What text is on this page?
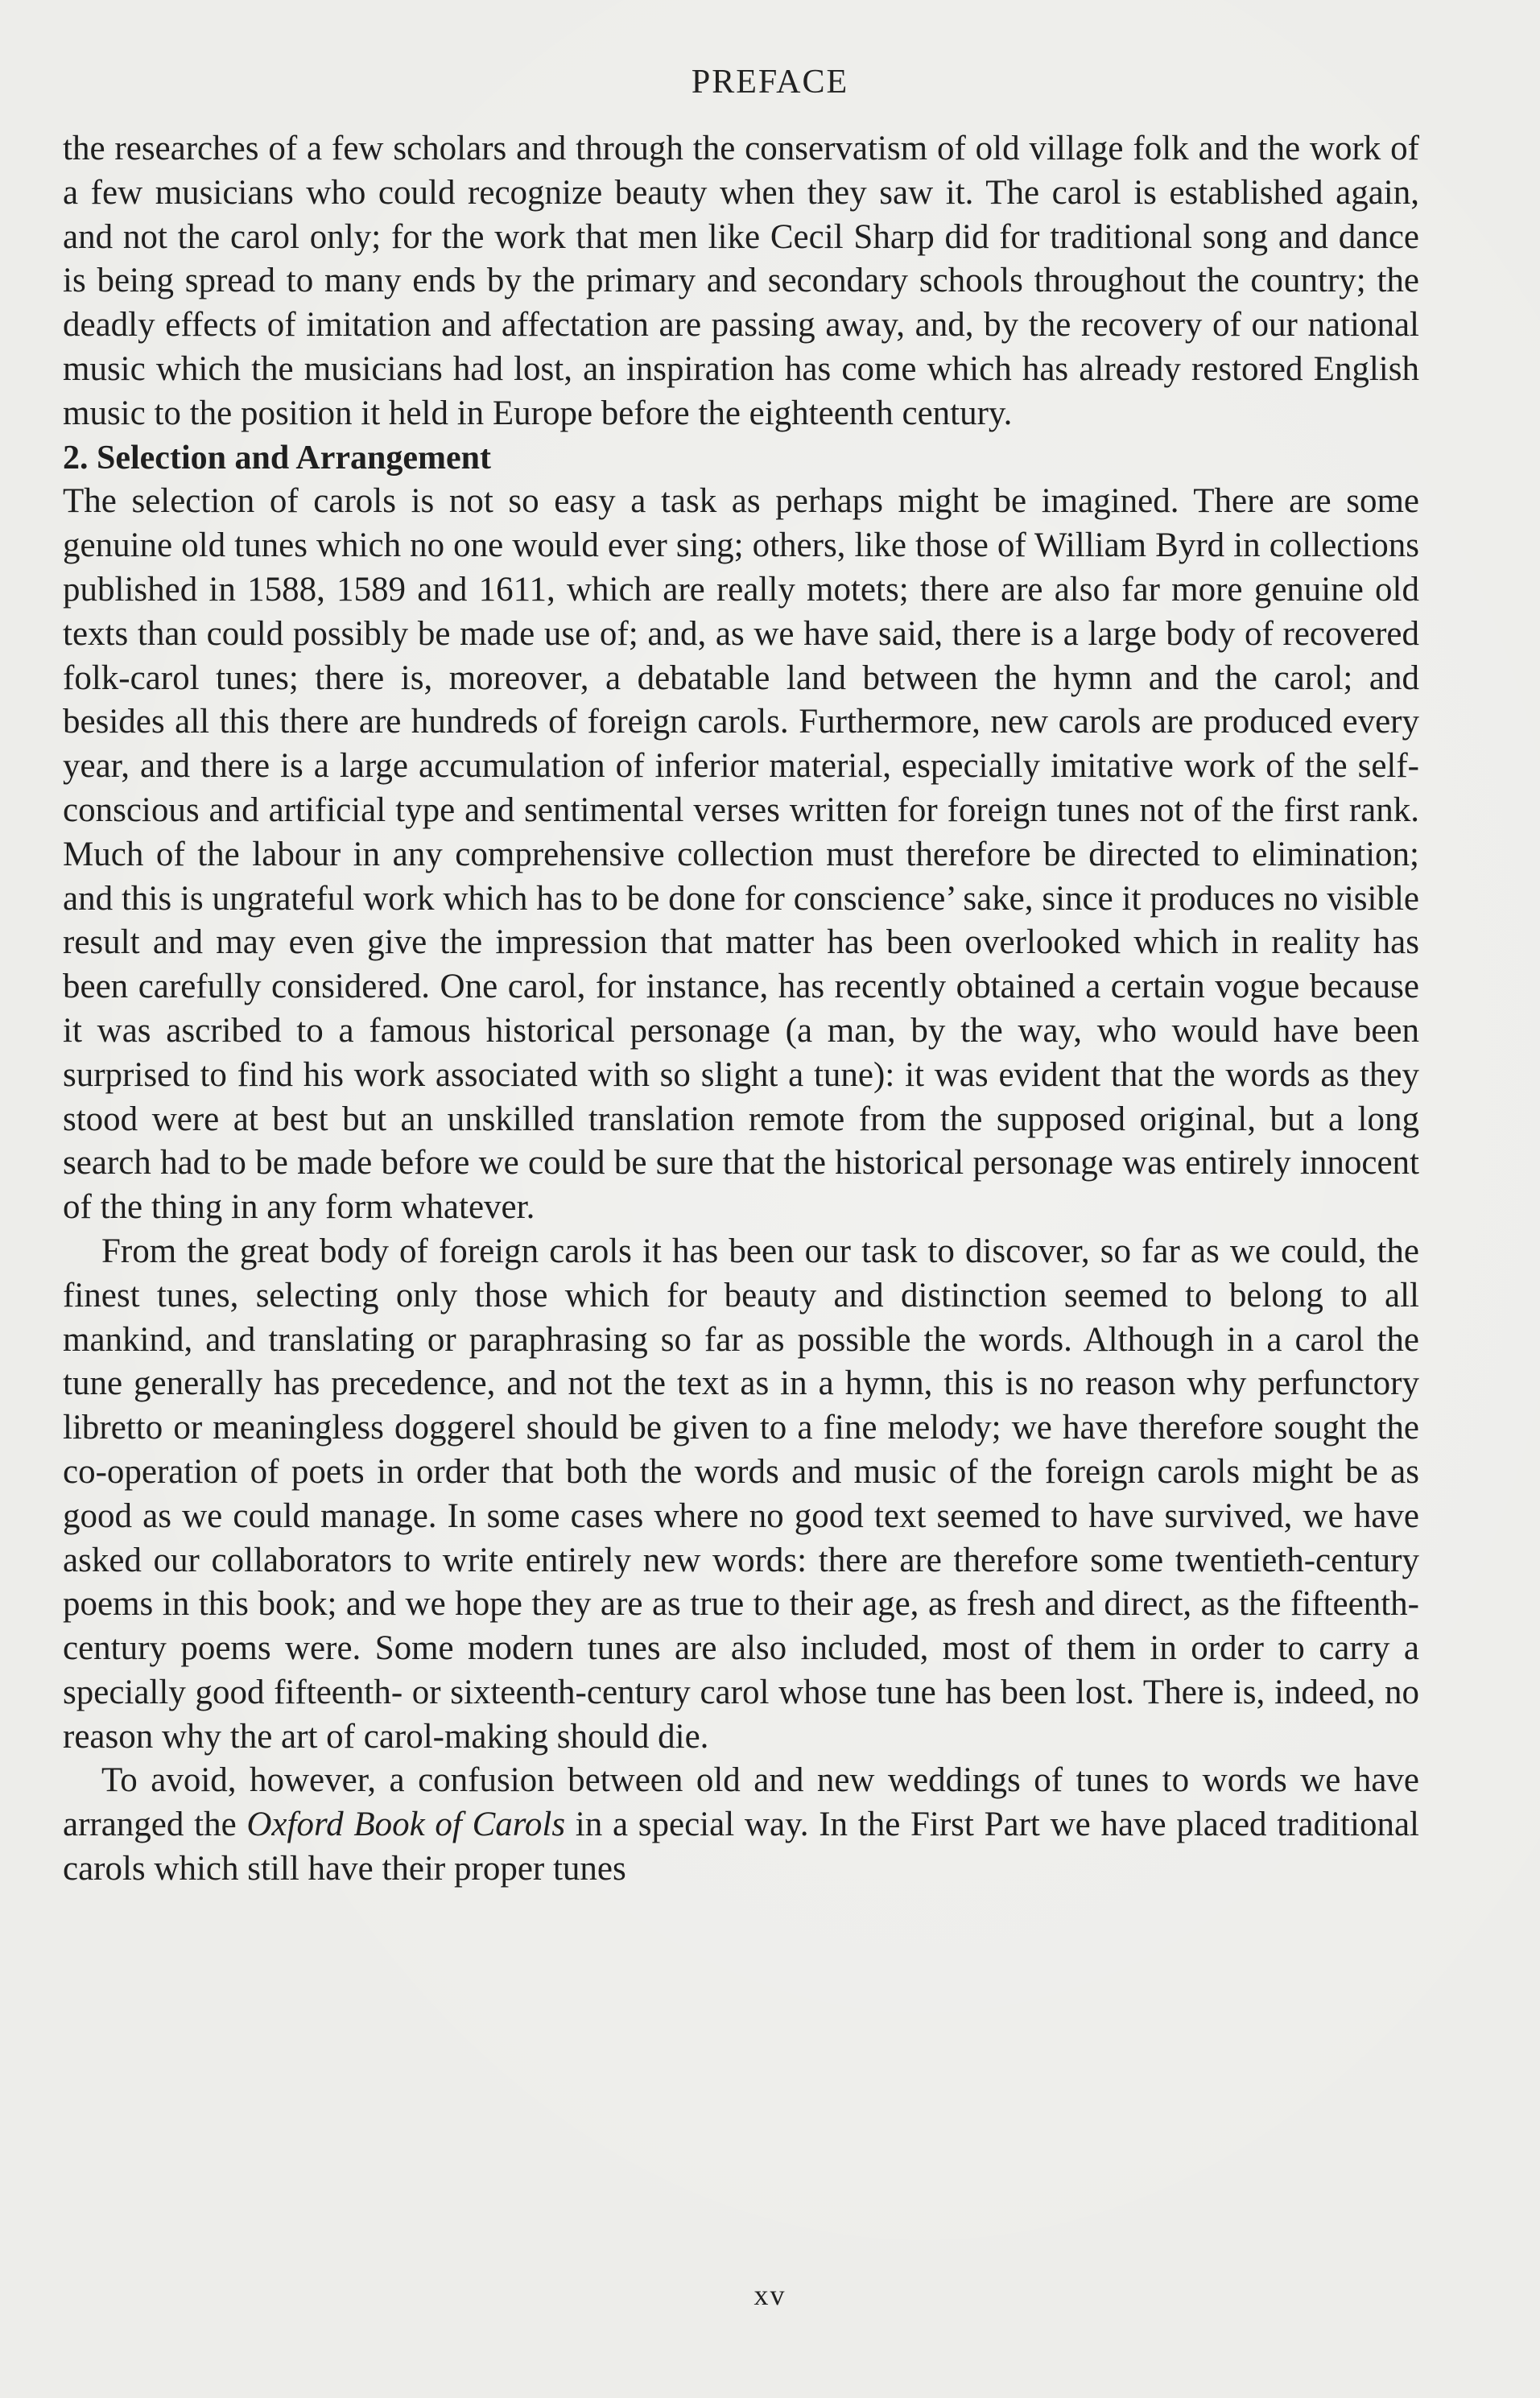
PREFACE

the researches of a few scholars and through the conservatism of old village folk and the work of a few musicians who could recognize beauty when they saw it. The carol is established again, and not the carol only; for the work that men like Cecil Sharp did for traditional song and dance is being spread to many ends by the primary and secondary schools throughout the country; the deadly effects of imitation and affectation are passing away, and, by the recovery of our national music which the musicians had lost, an inspiration has come which has already restored English music to the position it held in Europe before the eighteenth century.

2. Selection and Arrangement

The selection of carols is not so easy a task as perhaps might be imagined. There are some genuine old tunes which no one would ever sing; others, like those of William Byrd in collections published in 1588, 1589 and 1611, which are really motets; there are also far more genuine old texts than could possibly be made use of; and, as we have said, there is a large body of recovered folk-carol tunes; there is, moreover, a debatable land between the hymn and the carol; and besides all this there are hundreds of foreign carols. Furthermore, new carols are produced every year, and there is a large accumulation of inferior material, especially imitative work of the self-conscious and artificial type and sentimental verses written for foreign tunes not of the first rank. Much of the labour in any comprehensive collection must therefore be directed to elimination; and this is ungrateful work which has to be done for conscience’ sake, since it produces no visible result and may even give the impression that matter has been overlooked which in reality has been carefully considered. One carol, for instance, has recently obtained a certain vogue because it was ascribed to a famous historical personage (a man, by the way, who would have been surprised to find his work associated with so slight a tune): it was evident that the words as they stood were at best but an unskilled translation remote from the supposed original, but a long search had to be made before we could be sure that the historical personage was entirely innocent of the thing in any form whatever.

From the great body of foreign carols it has been our task to discover, so far as we could, the finest tunes, selecting only those which for beauty and distinction seemed to belong to all mankind, and translating or paraphrasing so far as possible the words. Although in a carol the tune generally has precedence, and not the text as in a hymn, this is no reason why perfunctory libretto or meaningless doggerel should be given to a fine melody; we have therefore sought the co-operation of poets in order that both the words and music of the foreign carols might be as good as we could manage. In some cases where no good text seemed to have survived, we have asked our collaborators to write entirely new words: there are therefore some twentieth-century poems in this book; and we hope they are as true to their age, as fresh and direct, as the fifteenth-century poems were. Some modern tunes are also included, most of them in order to carry a specially good fifteenth- or sixteenth-century carol whose tune has been lost. There is, indeed, no reason why the art of carol-making should die.

To avoid, however, a confusion between old and new weddings of tunes to words we have arranged the Oxford Book of Carols in a special way. In the First Part we have placed traditional carols which still have their proper tunes

xv
